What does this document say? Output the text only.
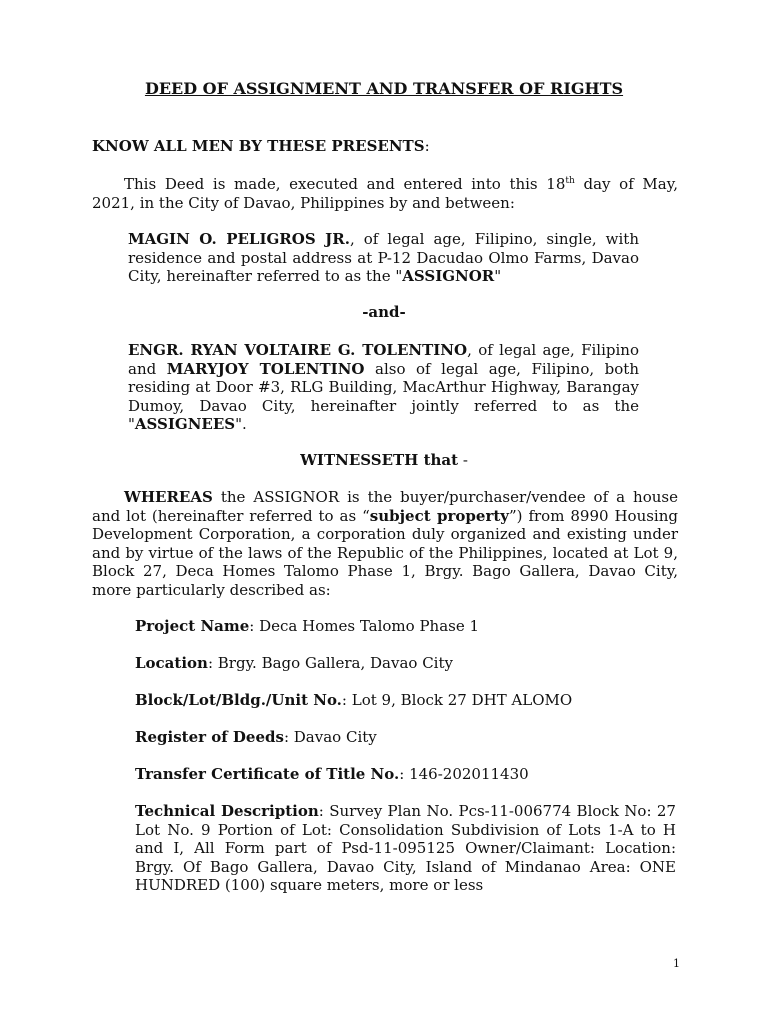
DEED OF ASSIGNMENT AND TRANSFER OF RIGHTS
KNOW ALL MEN BY THESE PRESENTS:
This Deed is made, executed and entered into this 18th day of May, 2021, in the City of Davao, Philippines by and between:
MAGIN O. PELIGROS JR., of legal age, Filipino, single, with residence and postal address at P-12 Dacudao Olmo Farms, Davao City, hereinafter referred to as the "ASSIGNOR"
-and-
ENGR. RYAN VOLTAIRE G. TOLENTINO, of legal age, Filipino and MARYJOY TOLENTINO also of legal age, Filipino, both residing at Door #3, RLG Building, MacArthur Highway, Barangay Dumoy, Davao City, hereinafter jointly referred to as the "ASSIGNEES".
WITNESSETH that -
WHEREAS the ASSIGNOR is the buyer/purchaser/vendee of a house and lot (hereinafter referred to as “subject property”) from 8990 Housing Development Corporation, a corporation duly organized and existing under and by virtue of the laws of the Republic of the Philippines, located at Lot 9, Block 27, Deca Homes Talomo Phase 1, Brgy. Bago Gallera, Davao City, more particularly described as:
Project Name: Deca Homes Talomo Phase 1
Location: Brgy. Bago Gallera, Davao City
Block/Lot/Bldg./Unit No.: Lot 9, Block 27 DHT ALOMO
Register of Deeds: Davao City
Transfer Certificate of Title No.: 146-202011430
Technical Description: Survey Plan No. Pcs-11-006774 Block No: 27 Lot No. 9 Portion of Lot: Consolidation Subdivision of Lots 1-A to H and I, All Form part of Psd-11-095125 Owner/Claimant: Location: Brgy. Of Bago Gallera, Davao City, Island of Mindanao Area: ONE HUNDRED (100) square meters, more or less
1
